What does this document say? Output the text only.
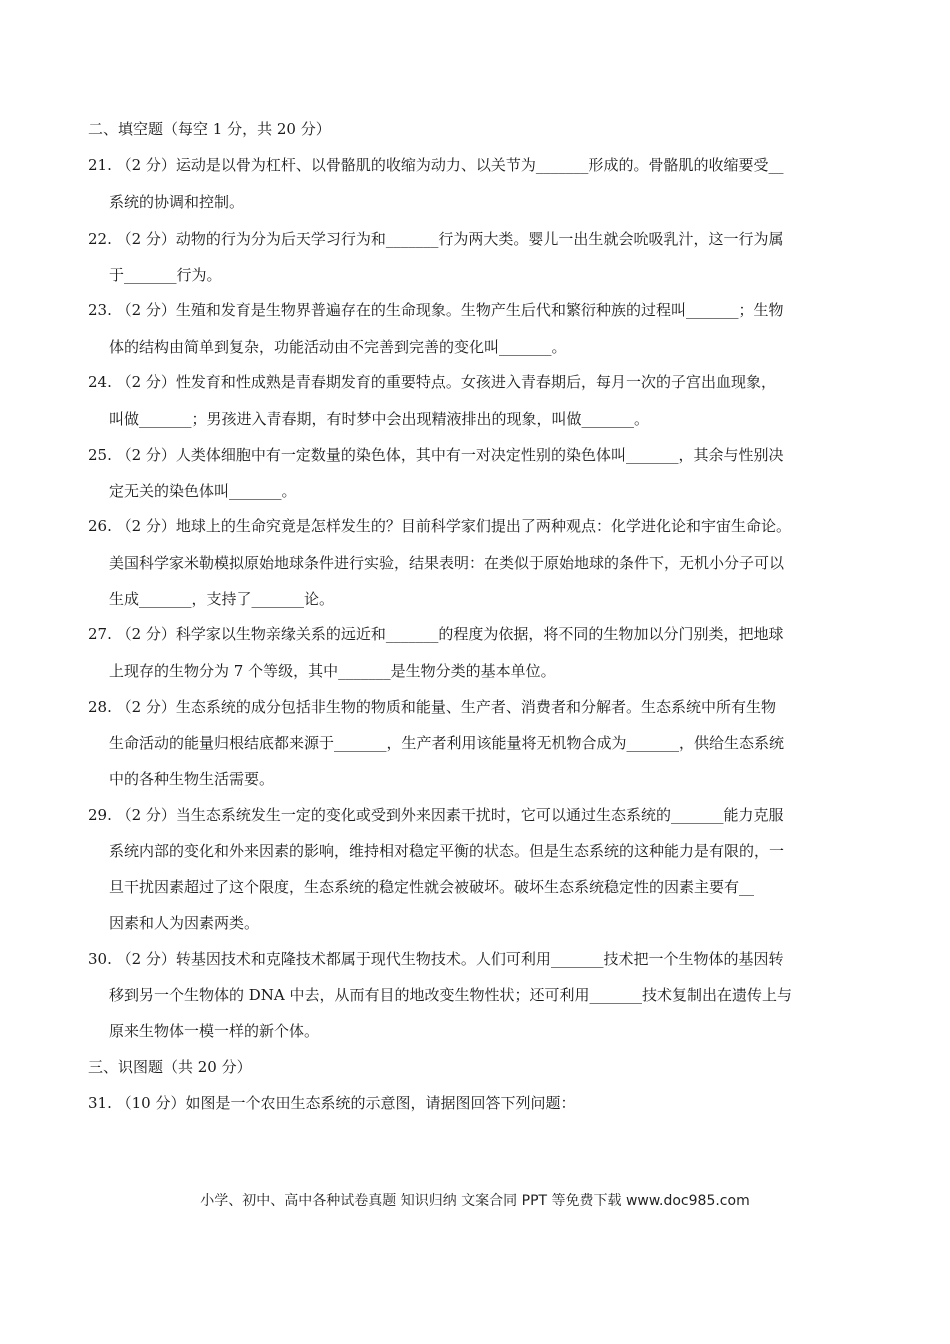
二、填空题（每空 1 分，共 20 分）
21. （2 分）运动是以骨为杠杆、以骨骼肌的收缩为动力、以关节为_______形成的。骨骼肌的收缩要受__
系统的协调和控制。
22. （2 分）动物的行为分为后天学习行为和_______行为两大类。婴儿一出生就会吮吸乳汁，这一行为属
于_______行为。
23. （2 分）生殖和发育是生物界普遍存在的生命现象。生物产生后代和繁衍种族的过程叫_______；生物
体的结构由简单到复杂，功能活动由不完善到完善的变化叫_______。
24. （2 分）性发育和性成熟是青春期发育的重要特点。女孩进入青春期后，每月一次的子宫出血现象，
叫做_______；男孩进入青春期，有时梦中会出现精液排出的现象，叫做_______。
25. （2 分）人类体细胞中有一定数量的染色体，其中有一对决定性别的染色体叫_______，其余与性别决
定无关的染色体叫_______。
26. （2 分）地球上的生命究竟是怎样发生的？目前科学家们提出了两种观点：化学进化论和宇宙生命论。
美国科学家米勒模拟原始地球条件进行实验，结果表明：在类似于原始地球的条件下，无机小分子可以
生成_______，支持了_______论。
27. （2 分）科学家以生物亲缘关系的远近和_______的程度为依据，将不同的生物加以分门别类，把地球
上现存的生物分为 7 个等级，其中_______是生物分类的基本单位。
28. （2 分）生态系统的成分包括非生物的物质和能量、生产者、消费者和分解者。生态系统中所有生物
生命活动的能量归根结底都来源于_______，生产者利用该能量将无机物合成为_______，供给生态系统
中的各种生物生活需要。
29. （2 分）当生态系统发生一定的变化或受到外来因素干扰时，它可以通过生态系统的_______能力克服
系统内部的变化和外来因素的影响，维持相对稳定平衡的状态。但是生态系统的这种能力是有限的，一
旦干扰因素超过了这个限度，生态系统的稳定性就会被破坏。破坏生态系统稳定性的因素主要有__
因素和人为因素两类。
30. （2 分）转基因技术和克隆技术都属于现代生物技术。人们可利用_______技术把一个生物体的基因转
移到另一个生物体的 DNA 中去，从而有目的地改变生物性状；还可利用_______技术复制出在遗传上与
原来生物体一模一样的新个体。
三、识图题（共 20 分）
31. （10 分）如图是一个农田生态系统的示意图，请据图回答下列问题：
小学、初中、高中各种试卷真题 知识归纳 文案合同 PPT 等免费下载 www.doc985.com
